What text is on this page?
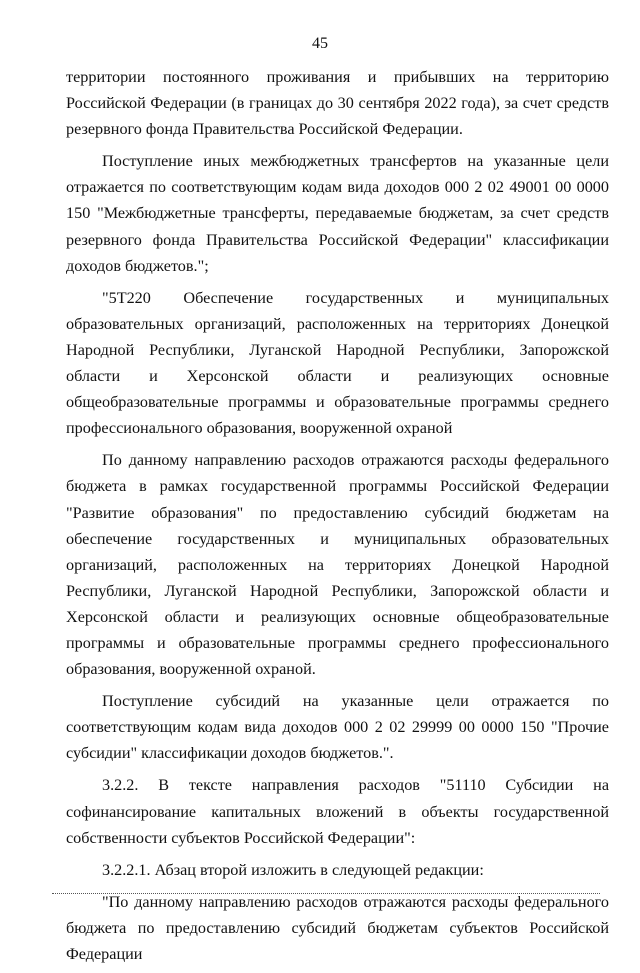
45

территории постоянного проживания и прибывших на территорию Российской Федерации (в границах до 30 сентября 2022 года), за счет средств резервного фонда Правительства Российской Федерации.

Поступление иных межбюджетных трансфертов на указанные цели отражается по соответствующим кодам вида доходов 000 2 02 49001 00 0000 150 "Межбюджетные трансферты, передаваемые бюджетам, за счет средств резервного фонда Правительства Российской Федерации" классификации доходов бюджетов.";

"5Т220 Обеспечение государственных и муниципальных образовательных организаций, расположенных на территориях Донецкой Народной Республики, Луганской Народной Республики, Запорожской области и Херсонской области и реализующих основные общеобразовательные программы и образовательные программы среднего профессионального образования, вооруженной охраной

По данному направлению расходов отражаются расходы федерального бюджета в рамках государственной программы Российской Федерации "Развитие образования" по предоставлению субсидий бюджетам на обеспечение государственных и муниципальных образовательных организаций, расположенных на территориях Донецкой Народной Республики, Луганской Народной Республики, Запорожской области и Херсонской области и реализующих основные общеобразовательные программы и образовательные программы среднего профессионального образования, вооруженной охраной.

Поступление субсидий на указанные цели отражается по соответствующим кодам вида доходов 000 2 02 29999 00 0000 150 "Прочие субсидии" классификации доходов бюджетов.".

3.2.2. В тексте направления расходов "51110 Субсидии на софинансирование капитальных вложений в объекты государственной собственности субъектов Российской Федерации":

3.2.2.1. Абзац второй изложить в следующей редакции:

"По данному направлению расходов отражаются расходы федерального бюджета по предоставлению субсидий бюджетам субъектов Российской Федерации
